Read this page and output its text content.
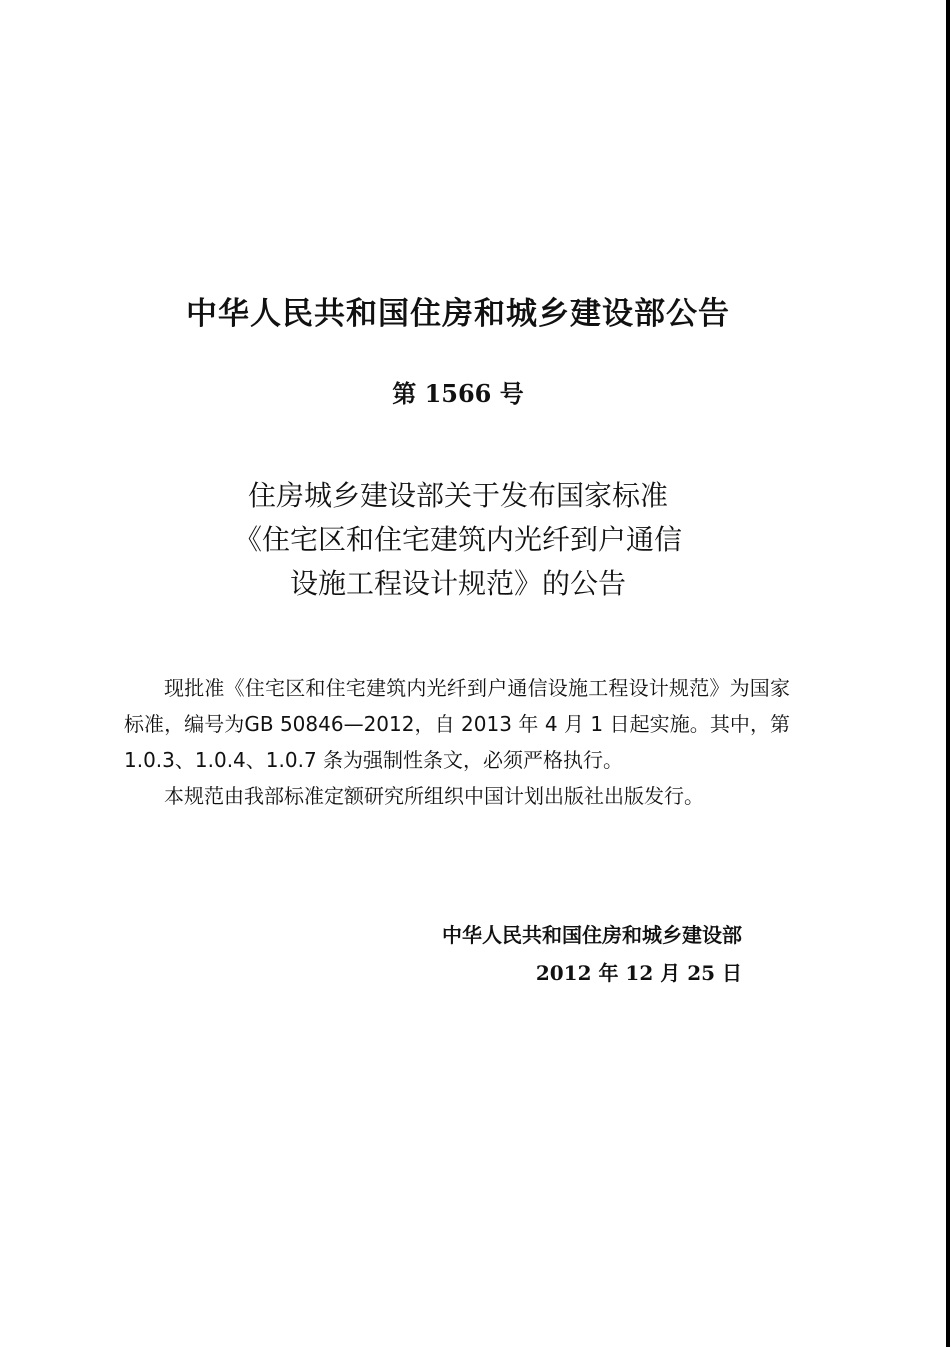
中华人民共和国住房和城乡建设部公告
第 1566 号
住房城乡建设部关于发布国家标准
《住宅区和住宅建筑内光纤到户通信
设施工程设计规范》的公告

现批准《住宅区和住宅建筑内光纤到户通信设施工程设计规范》为国家标准，编号为GB 50846—2012，自 2013 年 4 月 1 日起实施。其中，第 1.0.3、1.0.4、1.0.7 条为强制性条文，必须严格执行。

本规范由我部标准定额研究所组织中国计划出版社出版发行。

中华人民共和国住房和城乡建设部
2012 年 12 月 25 日
